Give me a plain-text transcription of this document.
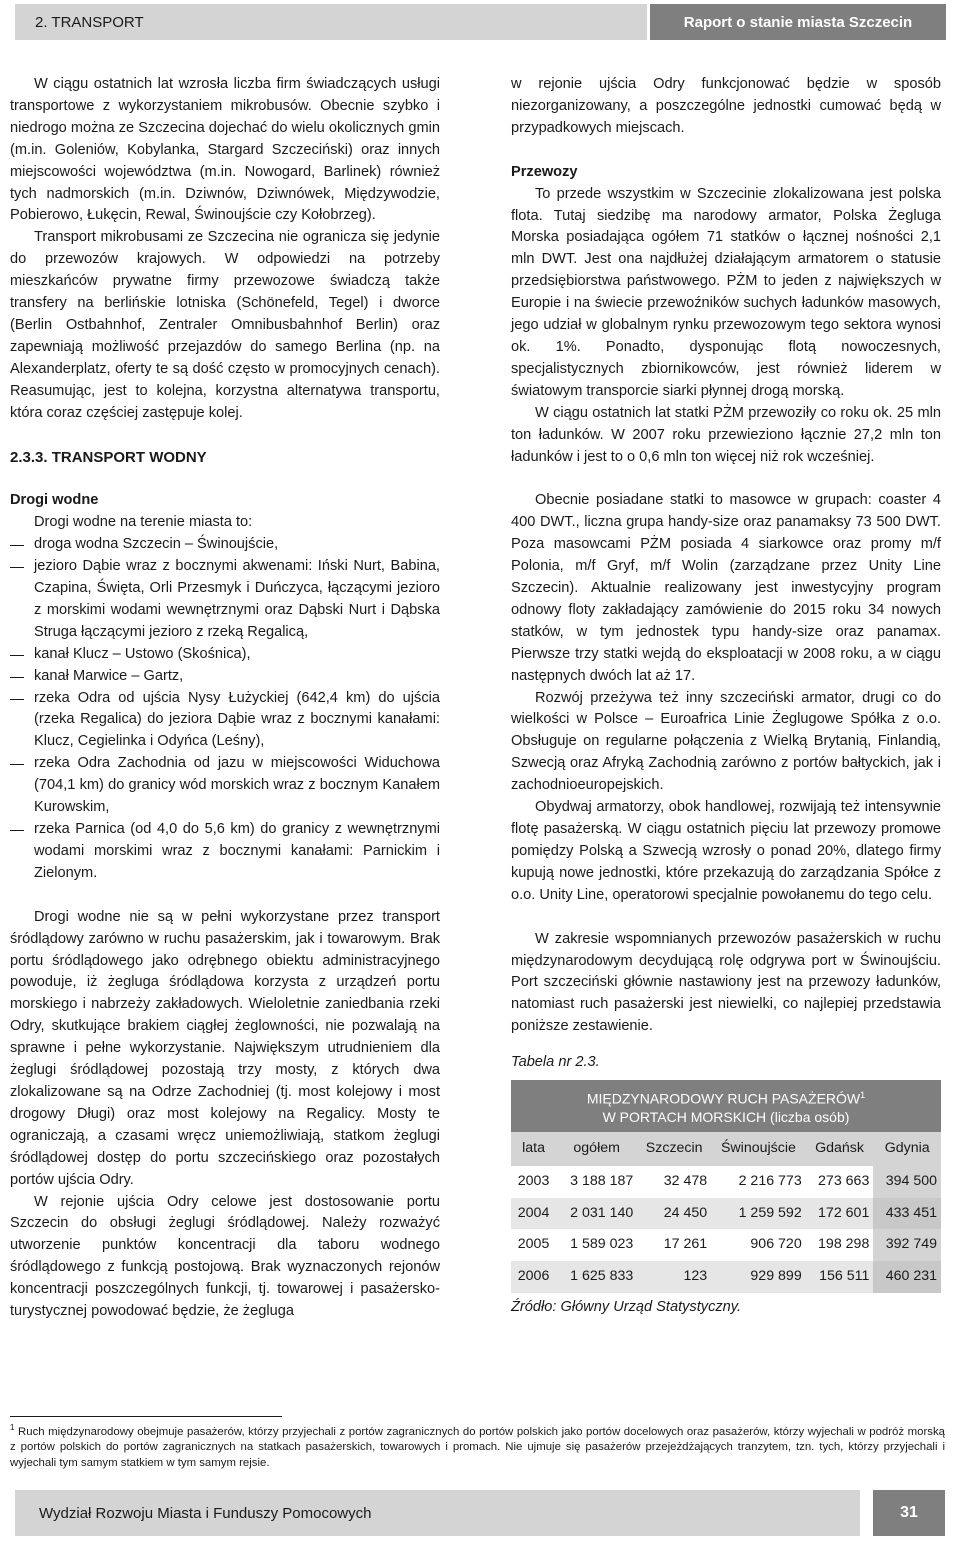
2. TRANSPORT	Raport o stanie miasta Szczecin

W ciągu ostatnich lat wzrosła liczba firm świadczących usługi transportowe z wykorzystaniem mikrobusów. Obecnie szybko i niedrogo można ze Szczecina dojechać do wielu okolicznych gmin (m.in. Goleniów, Kobylanka, Stargard Szczeciński) oraz innych miejscowości województwa (m.in. Nowogard, Barlinek) również tych nadmorskich (m.in. Dziwnów, Dziwnówek, Międzywodzie, Pobierowo, Łukęcin, Rewal, Świnoujście czy Kołobrzeg).

Transport mikrobusami ze Szczecina nie ogranicza się jedynie do przewozów krajowych. W odpowiedzi na potrzeby mieszkańców prywatne firmy przewozowe świadczą także transfery na berlińskie lotniska (Schönefeld, Tegel) i dworce (Berlin Ostbahnhof, Zentraler Omnibusbahnhof Berlin) oraz zapewniają możliwość przejazdów do samego Berlina (np. na Alexanderplatz, oferty te są dość często w promocyjnych cenach). Reasumując, jest to kolejna, korzystna alternatywa transportu, która coraz częściej zastępuje kolej.

2.3.3. TRANSPORT WODNY

Drogi wodne

Drogi wodne na terenie miasta to:

droga wodna Szczecin – Świnoujście,
jezioro Dąbie wraz z bocznymi akwenami: Iński Nurt, Babina, Czapina, Święta, Orli Przesmyk i Duńczyca, łączącymi jezioro z morskimi wodami wewnętrznymi oraz Dąbski Nurt i Dąbska Struga łączącymi jezioro z rzeką Regalicą,
kanał Klucz – Ustowo (Skośnica),
kanał Marwice – Gartz,
rzeka Odra od ujścia Nysy Łużyckiej (642,4 km) do ujścia (rzeka Regalica) do jeziora Dąbie wraz z bocznymi kanałami: Klucz, Cegielinka i Odyńca (Leśny),
rzeka Odra Zachodnia od jazu w miejscowości Widuchowa (704,1 km) do granicy wód morskich wraz z bocznym Kanałem Kurowskim,
rzeka Parnica (od 4,0 do 5,6 km) do granicy z wewnętrznymi wodami morskimi wraz z bocznymi kanałami: Parnickim i Zielonym.

Drogi wodne nie są w pełni wykorzystane przez transport śródlądowy zarówno w ruchu pasażerskim, jak i towarowym. Brak portu śródlądowego jako odrębnego obiektu administracyjnego powoduje, iż żegluga śródlądowa korzysta z urządzeń portu morskiego i nabrzeży zakładowych. Wieloletnie zaniedbania rzeki Odry, skutkujące brakiem ciągłej żeglowności, nie pozwalają na sprawne i pełne wykorzystanie. Największym utrudnieniem dla żeglugi śródlądowej pozostają trzy mosty, z których dwa zlokalizowane są na Odrze Zachodniej (tj. most kolejowy i most drogowy Długi) oraz most kolejowy na Regalicy. Mosty te ograniczają, a czasami wręcz uniemożliwiają, statkom żeglugi śródlądowej dostęp do portu szczecińskiego oraz pozostałych portów ujścia Odry.

W rejonie ujścia Odry celowe jest dostosowanie portu Szczecin do obsługi żeglugi śródlądowej. Należy rozważyć utworzenie punktów koncentracji dla taboru wodnego śródlądowego z funkcją postojową. Brak wyznaczonych rejonów koncentracji poszczególnych funkcji, tj. towarowej i pasażersko-turystycznej powodować będzie, że żegluga

w rejonie ujścia Odry funkcjonować będzie w sposób niezorganizowany, a poszczególne jednostki cumować będą w przypadkowych miejscach.

Przewozy

To przede wszystkim w Szczecinie zlokalizowana jest polska flota. Tutaj siedzibę ma narodowy armator, Polska Żegluga Morska posiadająca ogółem 71 statków o łącznej nośności 2,1 mln DWT. Jest ona najdłużej działającym armatorem o statusie przedsiębiorstwa państwowego. PŻM to jeden z największych w Europie i na świecie przewoźników suchych ładunków masowych, jego udział w globalnym rynku przewozowym tego sektora wynosi ok. 1%. Ponadto, dysponując flotą nowoczesnych, specjalistycznych zbiornikowców, jest również liderem w światowym transporcie siarki płynnej drogą morską.

W ciągu ostatnich lat statki PŻM przewoziły co roku ok. 25 mln ton ładunków. W 2007 roku przewieziono łącznie 27,2 mln ton ładunków i jest to o 0,6 mln ton więcej niż rok wcześniej.

Obecnie posiadane statki to masowce w grupach: coaster 4 400 DWT., liczna grupa handy-size oraz panamaksy 73 500 DWT. Poza masowcami PŻM posiada 4 siarkowce oraz promy m/f Polonia, m/f Gryf, m/f Wolin (zarządzane przez Unity Line Szczecin). Aktualnie realizowany jest inwestycyjny program odnowy floty zakładający zamówienie do 2015 roku 34 nowych statków, w tym jednostek typu handy-size oraz panamax. Pierwsze trzy statki wejdą do eksploatacji w 2008 roku, a w ciągu następnych dwóch lat aż 17.

Rozwój przeżywa też inny szczeciński armator, drugi co do wielkości w Polsce – Euroafrica Linie Żeglugowe Spółka z o.o. Obsługuje on regularne połączenia z Wielką Brytanią, Finlandią, Szwecją oraz Afryką Zachodnią zarówno z portów bałtyckich, jak i zachodnioeuropejskich.

Obydwaj armatorzy, obok handlowej, rozwijają też intensywnie flotę pasażerską. W ciągu ostatnich pięciu lat przewozy promowe pomiędzy Polską a Szwecją wzrosły o ponad 20%, dlatego firmy kupują nowe jednostki, które przekazują do zarządzania Spółce z o.o. Unity Line, operatorowi specjalnie powołanemu do tego celu.

W zakresie wspomnianych przewozów pasażerskich w ruchu międzynarodowym decydującą rolę odgrywa port w Świnoujściu. Port szczeciński głównie nastawiony jest na przewozy ładunków, natomiast ruch pasażerski jest niewielki, co najlepiej przedstawia poniższe zestawienie.

Tabela nr 2.3.

MIĘDZYNARODOWY RUCH PASAŻERÓW$^1$
W PORTACH MORSKICH (liczba osób)					
lata	ogółem	Szczecin	Świnoujście	Gdańsk	Gdynia
2003	3 188 187	32 478	2 216 773	273 663	394 500
2004	2 031 140	24 450	1 259 592	172 601	433 451
2005	1 589 023	17 261	906 720	198 298	392 749
2006	1 625 833	123	929 899	156 511	460 231
Źródło: Główny Urząd Statystyczny.
$^1$ Ruch międzynarodowy obejmuje pasażerów, którzy przyjechali z portów zagranicznych do portów polskich jako portów docelowych oraz pasażerów, którzy wyjechali w podróż morską z portów polskich do portów zagranicznych na statkach pasażerskich, towarowych i promach. Nie ujmuje się pasażerów przejeżdżających tranzytem, tzn. tych, którzy przyjechali i wyjechali tym samym statkiem w tym samym rejsie.
Wydział Rozwoju Miasta i Funduszy Pomocowych	31
